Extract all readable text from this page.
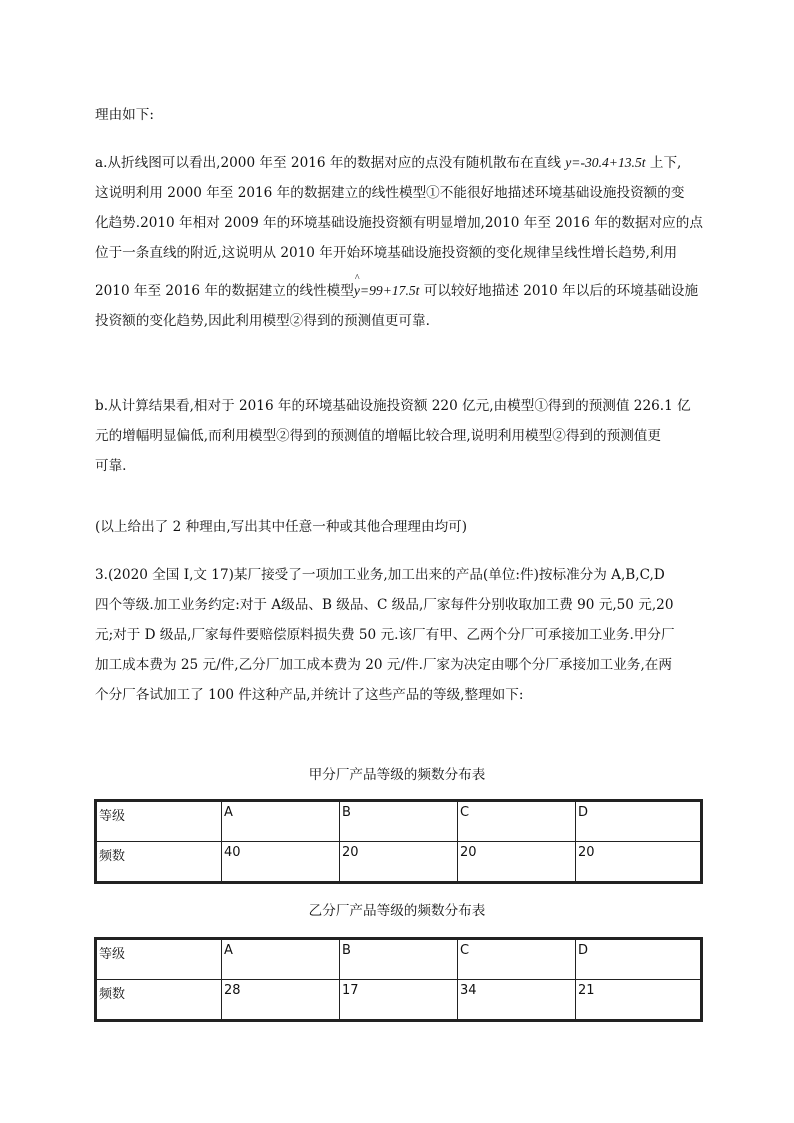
理由如下:
a.从折线图可以看出,2000 年至 2016 年的数据对应的点没有随机散布在直线 y=-30.4+13.5t 上下,
这说明利用 2000 年至 2016 年的数据建立的线性模型①不能很好地描述环境基础设施投资额的变
化趋势.2010 年相对 2009 年的环境基础设施投资额有明显增加,2010 年至 2016 年的数据对应的点
位于一条直线的附近,这说明从 2010 年开始环境基础设施投资额的变化规律呈线性增长趋势,利用
2010 年至 2016 年的数据建立的线性模型
^
y=99+17.5t 可以较好地描述 2010 年以后的环境基础设施
投资额的变化趋势,因此利用模型②得到的预测值更可靠.
b.从计算结果看,相对于 2016 年的环境基础设施投资额 220 亿元,由模型①得到的预测值 226.1 亿
元的增幅明显偏低,而利用模型②得到的预测值的增幅比较合理,说明利用模型②得到的预测值更
可靠.
(以上给出了 2 种理由,写出其中任意一种或其他合理理由均可)
3.(2020 全国 Ⅰ,文 17)某厂接受了一项加工业务,加工出来的产品(单位:件)按标准分为 A,B,C,D
四个等级.加工业务约定:对于 A级品、B 级品、C 级品,厂家每件分别收取加工费 90 元,50 元,20
元;对于 D 级品,厂家每件要赔偿原料损失费 50 元.该厂有甲、乙两个分厂可承接加工业务.甲分厂
加工成本费为 25 元/件,乙分厂加工成本费为 20 元/件.厂家为决定由哪个分厂承接加工业务,在两
个分厂各试加工了 100 件这种产品,并统计了这些产品的等级,整理如下:
甲分厂产品等级的频数分布表
等级	A	B	C	D
频数	40	20	20	20
乙分厂产品等级的频数分布表
等级	A	B	C	D
频数	28	17	34	21
